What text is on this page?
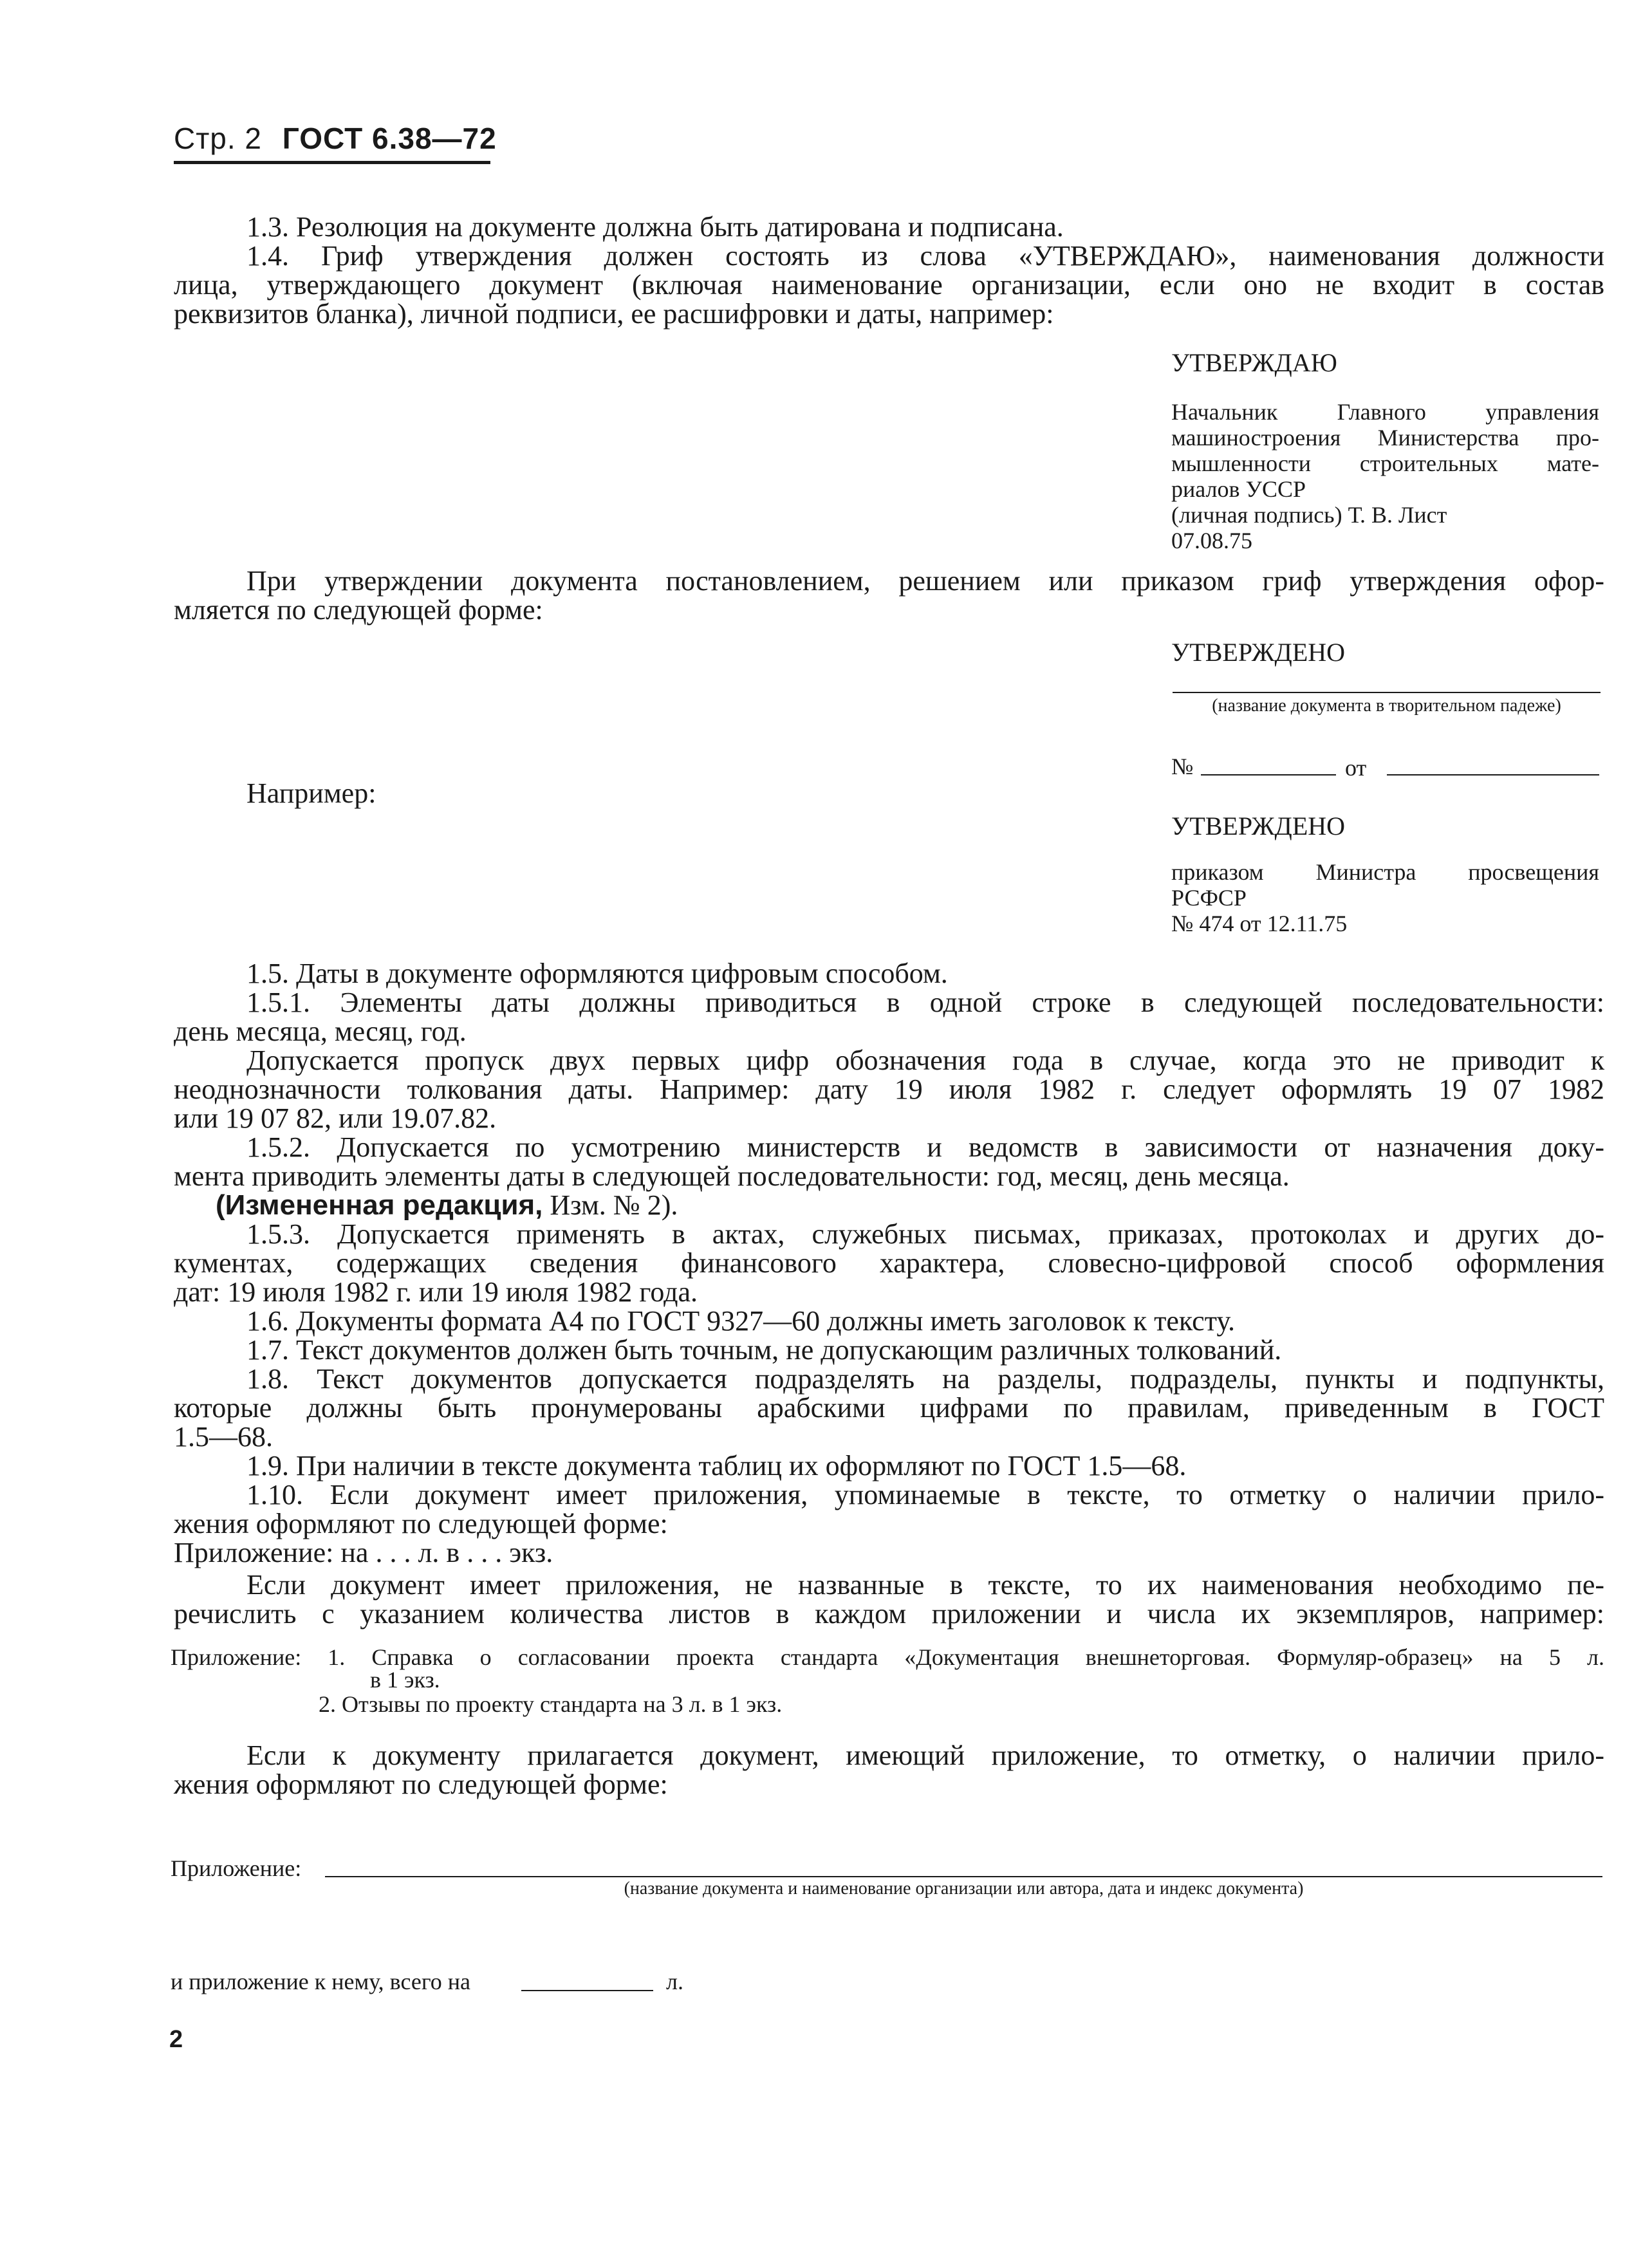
Стр. 2 ГОСТ 6.38—72
1.3. Резолюция на документе должна быть датирована и подписана.
1.4. Гриф утверждения должен состоять из слова «УТВЕРЖДАЮ», наименования должности
лица, утверждающего документ (включая наименование организации, если оно не входит в состав
реквизитов бланка), личной подписи, ее расшифровки и даты, например:
УТВЕРЖДАЮ
Начальник Главного управления
машиностроения Министерства про-
мышленности строительных мате-
риалов УССР
(личная подпись) Т. В. Лист
07.08.75
При утверждении документа постановлением, решением или приказом гриф утверждения офор-
мляется по следующей форме:
УТВЕРЖДЕНО
(название документа в творительном падеже)
№	от
Например:
УТВЕРЖДЕНО
приказом Министра просвещения
РСФСР
№ 474 от 12.11.75
1.5. Даты в документе оформляются цифровым способом.
1.5.1. Элементы даты должны приводиться в одной строке в следующей последовательности:
день месяца, месяц, год.
Допускается пропуск двух первых цифр обозначения года в случае, когда это не приводит к
неоднозначности толкования даты. Например: дату 19 июля 1982 г. следует оформлять 19 07 1982
или 19 07 82, или 19.07.82.
1.5.2. Допускается по усмотрению министерств и ведомств в зависимости от назначения доку-
мента приводить элементы даты в следующей последовательности: год, месяц, день месяца.
(Измененная редакция, Изм. № 2).
1.5.3. Допускается применять в актах, служебных письмах, приказах, протоколах и других до-
кументах, содержащих сведения финансового характера, словесно-цифровой способ оформления
дат: 19 июля 1982 г. или 19 июля 1982 года.
1.6. Документы формата А4 по ГОСТ 9327—60 должны иметь заголовок к тексту.
1.7. Текст документов должен быть точным, не допускающим различных толкований.
1.8. Текст документов допускается подразделять на разделы, подразделы, пункты и подпункты,
которые должны быть пронумерованы арабскими цифрами по правилам, приведенным в ГОСТ
1.5—68.
1.9. При наличии в тексте документа таблиц их оформляют по ГОСТ 1.5—68.
1.10. Если документ имеет приложения, упоминаемые в тексте, то отметку о наличии прило-
жения оформляют по следующей форме:
Приложение: на . . . л. в . . . экз.
Если документ имеет приложения, не названные в тексте, то их наименования необходимо пе-
речислить с указанием количества листов в каждом приложении и числа их экземпляров, например:
Приложение: 1. Справка о согласовании проекта стандарта «Документация внешнеторговая. Формуляр-образец» на 5 л.
в 1 экз.
2. Отзывы по проекту стандарта на 3 л. в 1 экз.
Если к документу прилагается документ, имеющий приложение, то отметку, о наличии прило-
жения оформляют по следующей форме:
Приложение:
(название документа и наименование организации или автора, дата и индекс документа)
и приложение к нему, всего на	л.
2
